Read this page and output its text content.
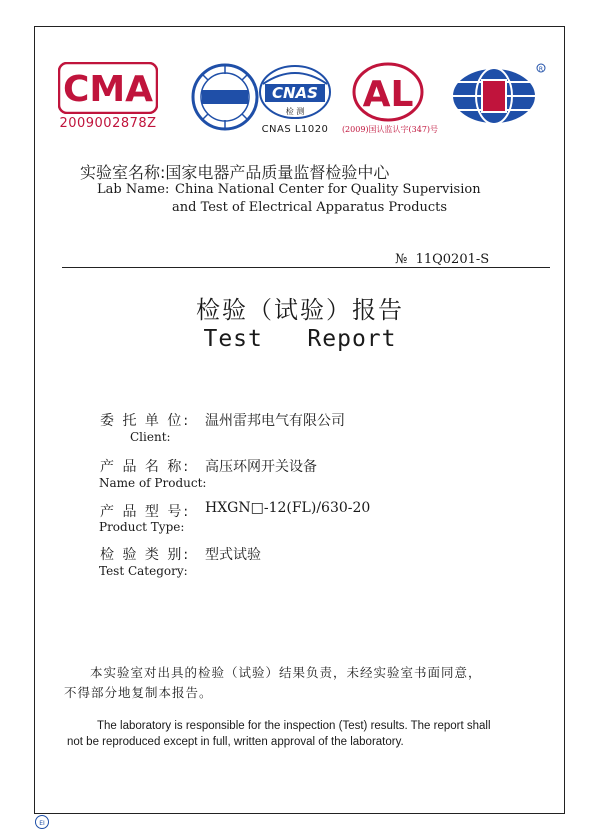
CMA
2009002878Z
CNAS
检 测
CNAS L1020
AL
(2009)国认监认字(347)号
R
实验室名称:国家电器产品质量监督检验中心
Lab Name: China National Center for Quality Supervision
and Test of Electrical Apparatus Products
№ 11Q0201-S
检验（试验）报告
Test   Report
委 托 单 位: 温州雷邦电气有限公司
Client:
产 品 名 称: 高压环网开关设备
Name of Product:
产 品 型 号: HXGN□-12(FL)/630-20
Product Type:
检 验 类 别: 型式试验
Test Category:
本实验室对出具的检验（试验）结果负责，未经实验室书面同意，
不得部分地复制本报告。
The laboratory is responsible for the inspection (Test) results. The report shall
not be reproduced except in full, written approval of the laboratory.
EI
